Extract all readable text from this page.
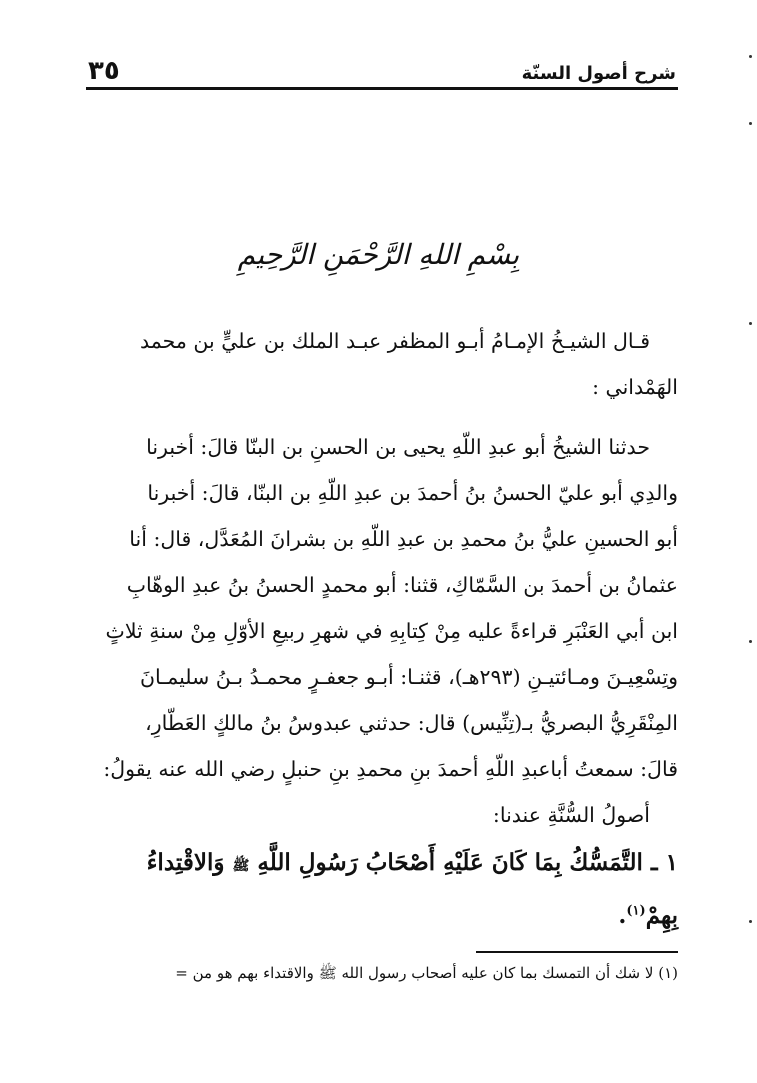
شرح أصول السنّة
٣٥
بِسْمِ اللهِ الرَّحْمَنِ الرَّحِيمِ

قـال الشيـخُ الإمـامُ أبـو المظفر عبـد الملك بن عليٍّ بن محمد

الهَمْداني :

حدثنا الشيخُ أبو عبدِ اللّهِ يحيى بن الحسنِ بن البنّا قالَ: أخبرنا

والدِي أبو عليّ الحسنُ بنُ أحمدَ بن عبدِ اللّهِ بن البنّا، قالَ: أخبرنا

أبو الحسينِ عليُّ بنُ محمدِ بن عبدِ اللّهِ بن بشرانَ المُعَدَّل، قال: أنا

عثمانُ بن أحمدَ بن السَّمّاكِ، قثنا: أبو محمدٍ الحسنُ بنُ عبدِ الوهّابِ

ابن أبي العَنْبَرِ قراءةً عليه مِنْ كِتابِهِ في شهرِ ربيعِ الأوّلِ مِنْ سنةِ ثلاثٍ

وتِسْعِيـنَ ومـائتيـنِ (٢٩٣هـ)، قثنـا: أبـو جعفـرٍ محمـدُ بـنُ سليمـانَ

المِنْقَرِيُّ البصريُّ بـ(تِنِّيس) قال: حدثني عبدوسُ بنُ مالكٍ العَطّارِ،

قالَ: سمعتُ أباعبدِ اللّهِ أحمدَ بنِ محمدِ بنِ حنبلٍ رضي الله عنه يقولُ:

أصولُ السُّنَّةِ عندنا:

١ ـ التَّمَسُّكُ بِمَا كَانَ عَلَيْهِ أَصْحَابُ رَسُولِ اللَّهِ ﷺ وَالاقْتِداءُ

بِهِمْ$^{(١)}$.

(١) لا شك أن التمسك بما كان عليه أصحاب رسول الله ﷺ والاقتداء بهم هو من =
